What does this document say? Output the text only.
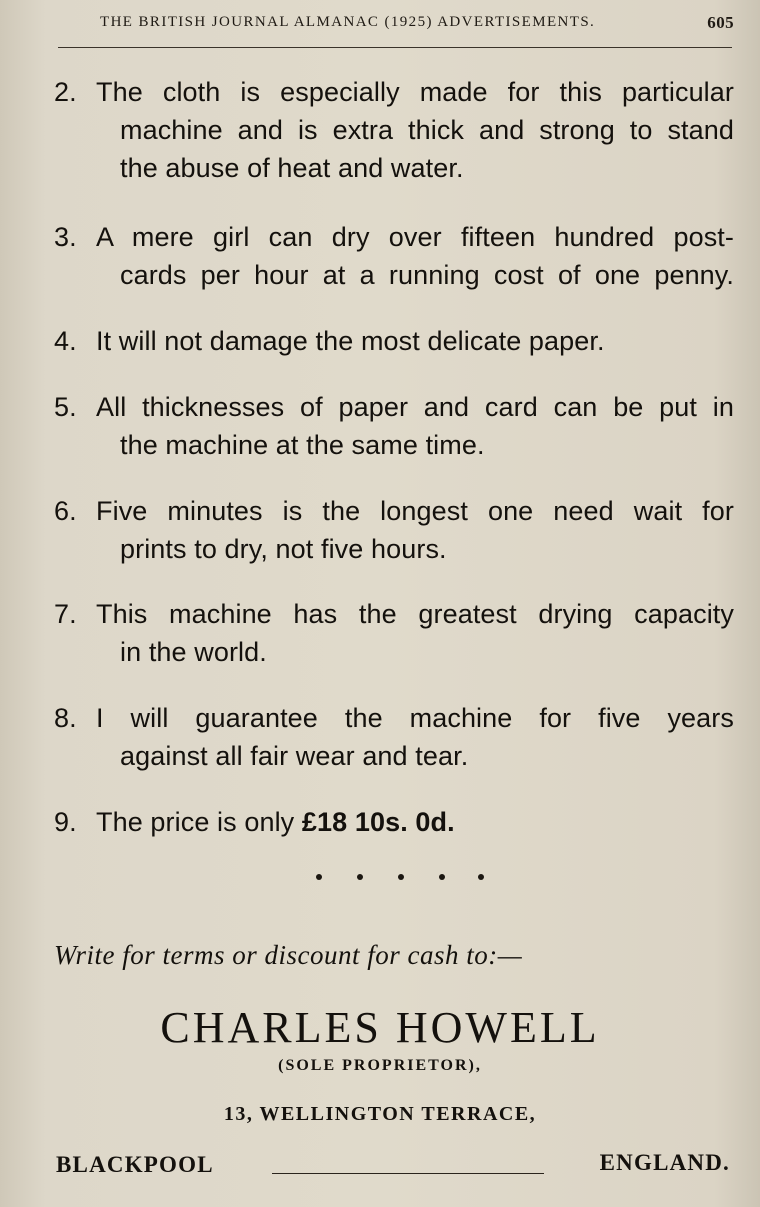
THE BRITISH JOURNAL ALMANAC (1925) ADVERTISEMENTS.	605
2. The cloth is especially made for this particular
machine and is extra thick and strong to stand
the abuse of heat and water.
3. A mere girl can dry over fifteen hundred post-
cards per hour at a running cost of one penny.
4. It will not damage the most delicate paper.
5. All thicknesses of paper and card can be put in
the machine at the same time.
6. Five minutes is the longest one need wait for
prints to dry, not five hours.
7. This machine has the greatest drying capacity
in the world.
8. I will guarantee the machine for five years
against all fair wear and tear.
9. The price is only £18 10s. 0d.
Write for terms or discount for cash to:—
CHARLES HOWELL
(SOLE PROPRIETOR),
13, WELLINGTON TERRACE,
BLACKPOOL	ENGLAND.
